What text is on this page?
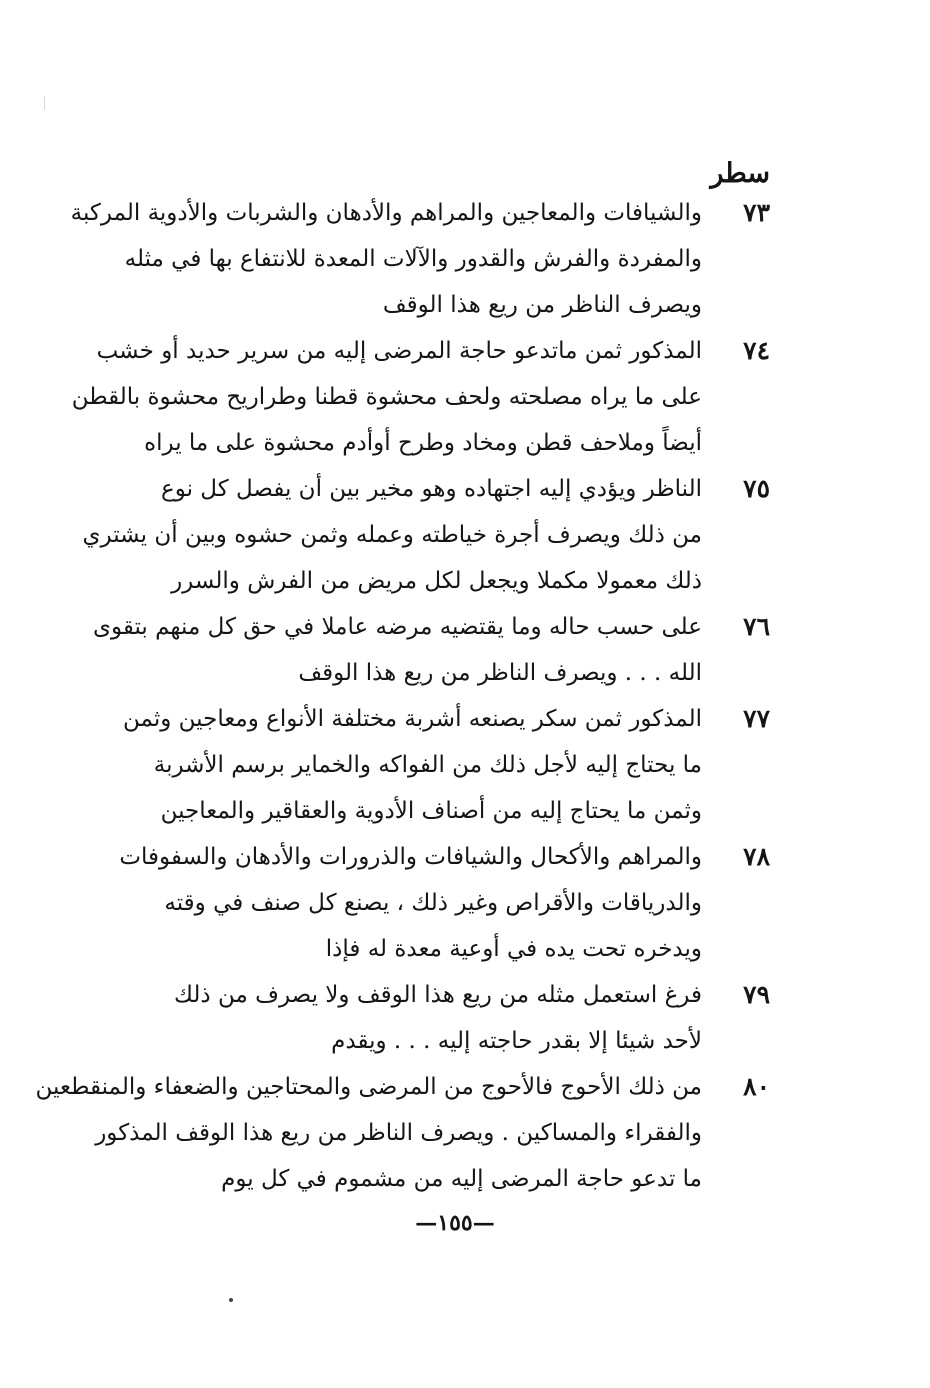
سطر
٧٣
والشيافات والمعاجين والمراهم والأدهان والشربات والأدوية المركبة
والمفردة والفرش والقدور والآلات المعدة للانتفاع بها في مثله
ويصرف الناظر من ريع هذا الوقف
٧٤
المذكور ثمن ماتدعو حاجة المرضى إليه من سرير حديد أو خشب
على ما يراه مصلحته ولحف محشوة قطنا وطراريح محشوة بالقطن
أيضاً وملاحف قطن ومخاد وطرح أوأدم محشوة على ما يراه
٧٥
الناظر ويؤدي إليه اجتهاده وهو مخير بين أن يفصل كل نوع
من ذلك ويصرف أجرة خياطته وعمله وثمن حشوه وبين أن يشتري
ذلك معمولا مكملا ويجعل لكل مريض من الفرش والسرر
٧٦
على حسب حاله وما يقتضيه مرضه عاملا في حق كل منهم بتقوى
الله . . . ويصرف الناظر من ريع هذا الوقف
٧٧
المذكور ثمن سكر يصنعه أشربة مختلفة الأنواع ومعاجين وثمن
ما يحتاج إليه لأجل ذلك من الفواكه والخماير برسم الأشربة
وثمن ما يحتاج إليه من أصناف الأدوية والعقاقير والمعاجين
٧٨
والمراهم والأكحال والشيافات والذرورات والأدهان والسفوفات
والدرياقات والأقراص وغير ذلك ، يصنع كل صنف في وقته
ويدخره تحت يده في أوعية معدة له فإذا
٧٩
فرغ استعمل مثله من ريع هذا الوقف ولا يصرف من ذلك
لأحد شيئا إلا بقدر حاجته إليه . . . ويقدم
٨٠
من ذلك الأحوج فالأحوج من المرضى والمحتاجين والضعفاء والمنقطعين
والفقراء والمساكين . ويصرف الناظر من ريع هذا الوقف المذكور
ما تدعو حاجة المرضى إليه من مشموم في كل يوم
—١٥٥—
